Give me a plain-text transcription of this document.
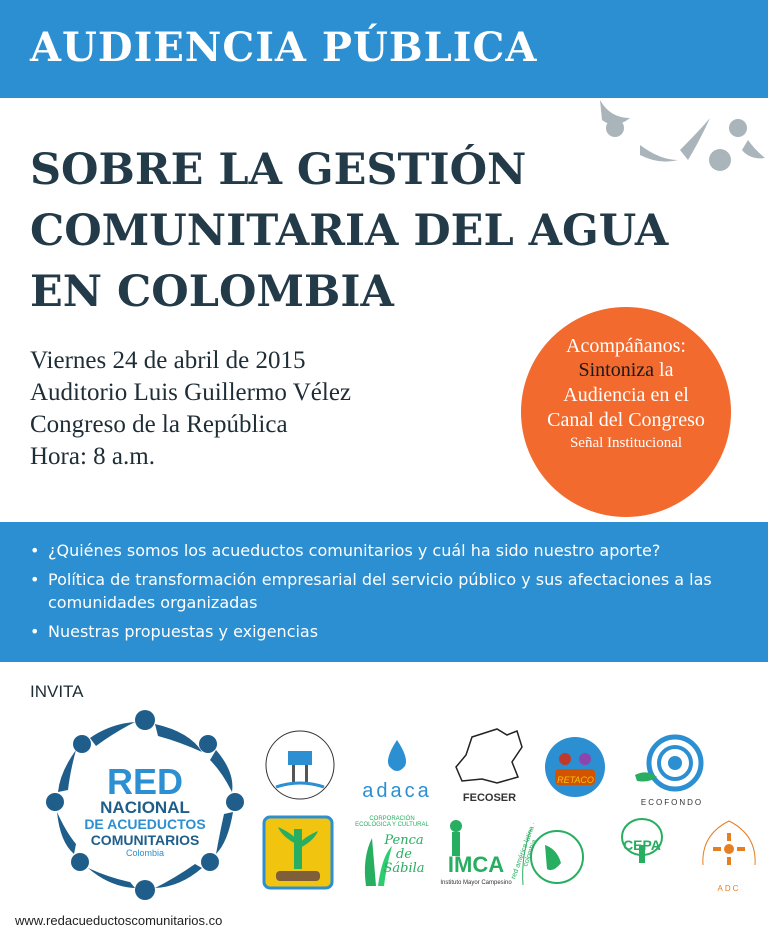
AUDIENCIA PÚBLICA
SOBRE LA GESTIÓN
COMUNITARIA DEL AGUA
EN COLOMBIA
Viernes 24 de abril de 2015
Auditorio Luis Guillermo Vélez
Congreso de la República
Hora: 8 a.m.
Acompáñanos:
Sintoniza la
Audiencia en el
Canal del Congreso
Señal Institucional
• ¿Quiénes somos los acueductos comunitarios y cuál ha sido nuestro aporte?
• Política de transformación empresarial del servicio público y sus afectaciones a las comunidades organizadas
• Nuestras propuestas y exigencias
INVITA
RED
NACIONAL
DE ACUEDUCTOS
COMUNITARIOS
Colombia
adaca	FECOSER
RETACO
ECOFONDO
CORPORACIÓN ECOLÓGICA Y CULTURAL
Penca de Sábila	IMCA
Instituto Mayor Campesino
red américa latina · colombia	CEPA
ADC
www.redacueductoscomunitarios.co
